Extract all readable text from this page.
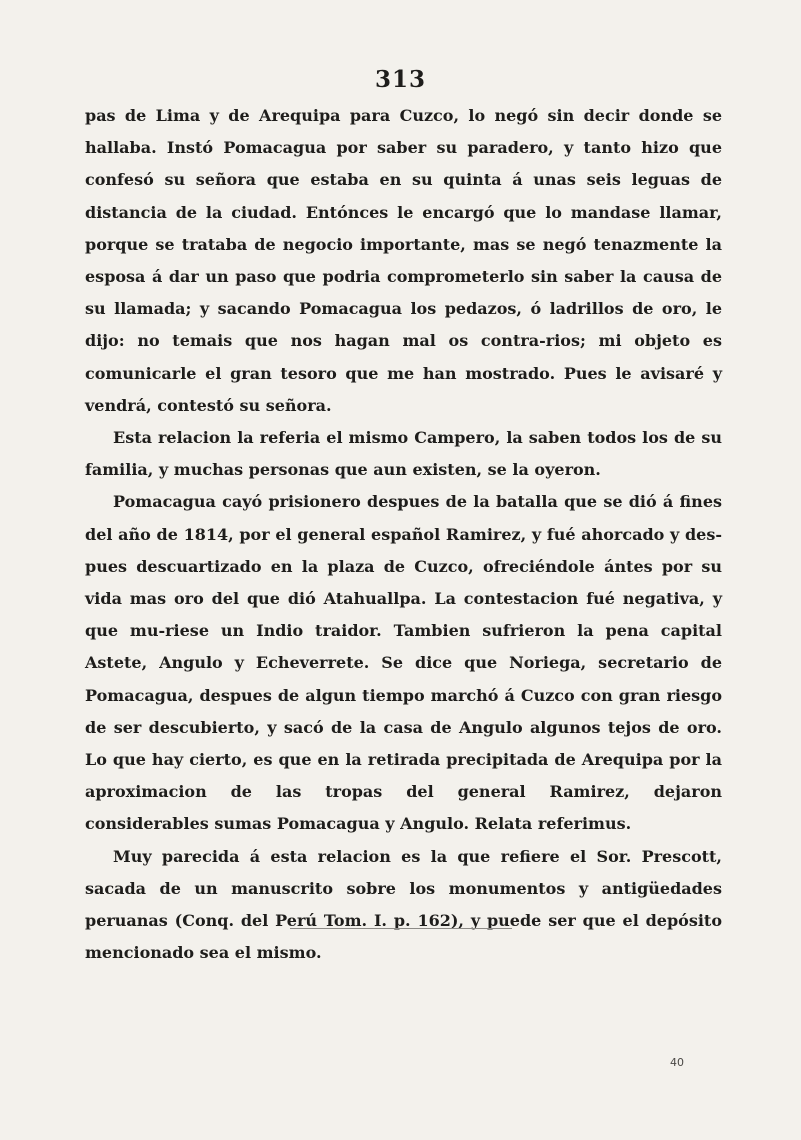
313

pas de Lima y de Arequipa para Cuzco, lo negó sin decir donde se hallaba. Instó Pomacagua por saber su paradero, y tanto hizo que confesó su señora que estaba en su quinta á unas seis leguas de distancia de la ciudad. Entónces le encargó que lo mandase llamar, porque se trataba de negocio importante, mas se negó tenazmente la esposa á dar un paso que podria comprometerlo sin saber la causa de su llamada; y sacando Pomacagua los pedazos, ó ladrillos de oro, le dijo: no temais que nos hagan mal os contra-rios; mi objeto es comunicarle el gran tesoro que me han mostrado. Pues le avisaré y vendrá, contestó su señora.

Esta relacion la referia el mismo Campero, la saben todos los de su familia, y muchas personas que aun existen, se la oyeron.

Pomacagua cayó prisionero despues de la batalla que se dió á fines del año de 1814, por el general español Ramirez, y fué ahorcado y des-pues descuartizado en la plaza de Cuzco, ofreciéndole ántes por su vida mas oro del que dió Atahuallpa. La contestacion fué negativa, y que mu-riese un Indio traidor. Tambien sufrieron la pena capital Astete, Angulo y Echeverrete. Se dice que Noriega, secretario de Pomacagua, despues de algun tiempo marchó á Cuzco con gran riesgo de ser descubierto, y sacó de la casa de Angulo algunos tejos de oro. Lo que hay cierto, es que en la retirada precipitada de Arequipa por la aproximacion de las tropas del general Ramirez, dejaron considerables sumas Pomacagua y Angulo. Relata referimus.

Muy parecida á esta relacion es la que refiere el Sor. Prescott, sacada de un manuscrito sobre los monumentos y antigüedades peruanas (Conq. del Perú Tom. I. p. 162), y puede ser que el depósito mencionado sea el mismo.

40
